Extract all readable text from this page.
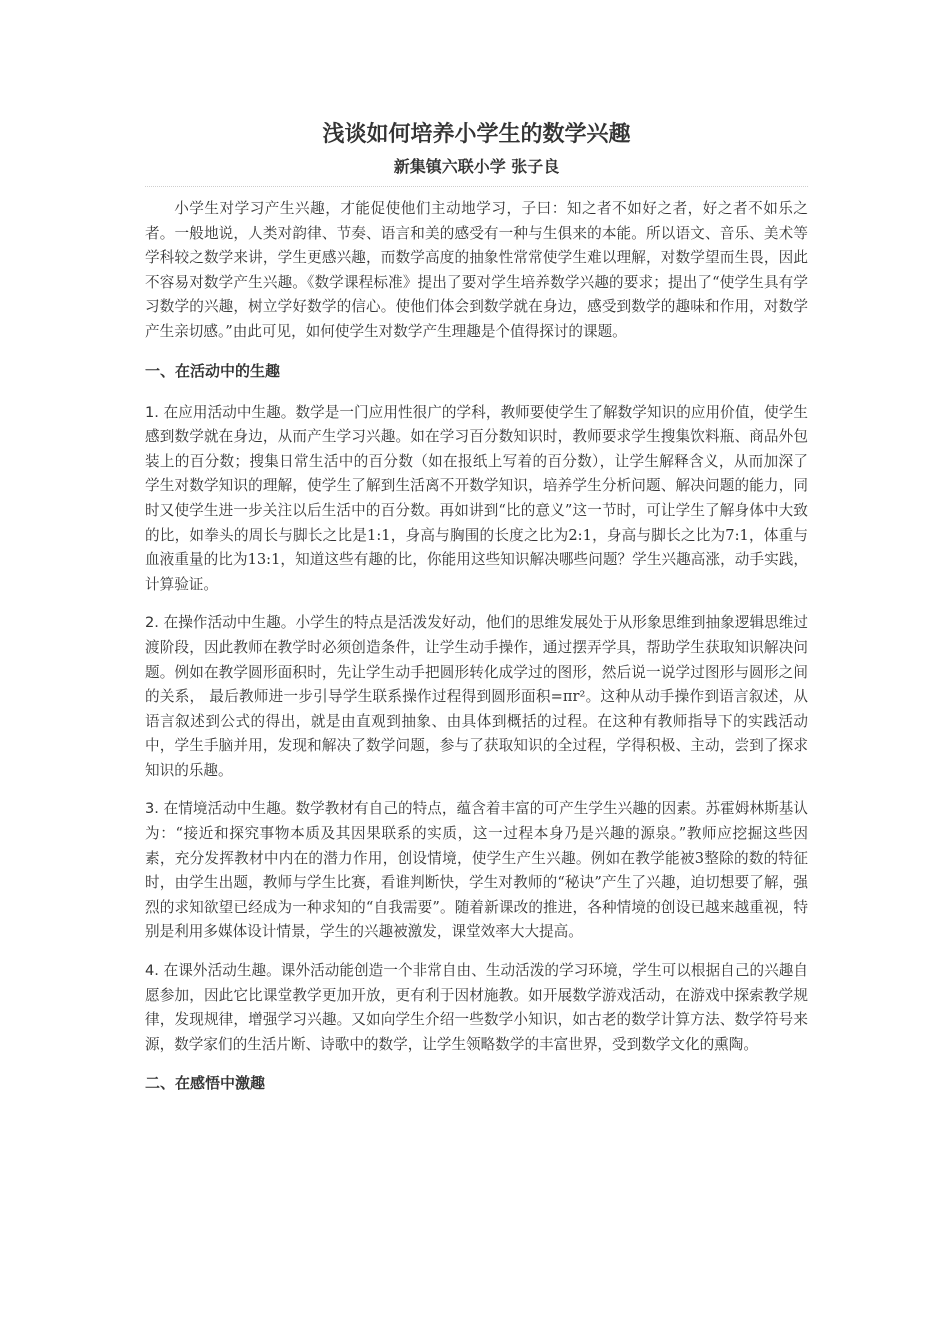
浅谈如何培养小学生的数学兴趣
新集镇六联小学 张子良

小学生对学习产生兴趣，才能促使他们主动地学习，子曰：知之者不如好之者，好之者不如乐之者。一般地说，人类对韵律、节奏、语言和美的感受有一种与生俱来的本能。所以语文、音乐、美术等学科较之数学来讲，学生更感兴趣，而数学高度的抽象性常常使学生难以理解，对数学望而生畏，因此不容易对数学产生兴趣。《数学课程标准》提出了要对学生培养数学兴趣的要求；提出了“使学生具有学习数学的兴趣，树立学好数学的信心。使他们体会到数学就在身边，感受到数学的趣味和作用，对数学产生亲切感。”由此可见，如何使学生对数学产生理趣是个值得探讨的课题。

一、在活动中的生趣

1. 在应用活动中生趣。数学是一门应用性很广的学科，教师要使学生了解数学知识的应用价值，使学生感到数学就在身边，从而产生学习兴趣。如在学习百分数知识时，教师要求学生搜集饮料瓶、商品外包装上的百分数；搜集日常生活中的百分数（如在报纸上写着的百分数），让学生解释含义，从而加深了学生对数学知识的理解，使学生了解到生活离不开数学知识，培养学生分析问题、解决问题的能力，同时又使学生进一步关注以后生活中的百分数。再如讲到“比的意义”这一节时，可让学生了解身体中大致的比，如拳头的周长与脚长之比是1:1，身高与胸围的长度之比为2:1，身高与脚长之比为7:1，体重与血液重量的比为13:1，知道这些有趣的比，你能用这些知识解决哪些问题？学生兴趣高涨，动手实践，计算验证。

2. 在操作活动中生趣。小学生的特点是活泼发好动，他们的思维发展处于从形象思维到抽象逻辑思维过渡阶段，因此教师在教学时必须创造条件，让学生动手操作，通过摆弄学具，帮助学生获取知识解决问题。例如在教学圆形面积时，先让学生动手把圆形转化成学过的图形，然后说一说学过图形与圆形之间的关系， 最后教师进一步引导学生联系操作过程得到圆形面积=πr²。这种从动手操作到语言叙述，从语言叙述到公式的得出，就是由直观到抽象、由具体到概括的过程。在这种有教师指导下的实践活动中，学生手脑并用，发现和解决了数学问题，参与了获取知识的全过程，学得积极、主动，尝到了探求知识的乐趣。

3. 在情境活动中生趣。数学教材有自己的特点，蕴含着丰富的可产生学生兴趣的因素。苏霍姆林斯基认为：“接近和探究事物本质及其因果联系的实质，这一过程本身乃是兴趣的源泉。”教师应挖掘这些因素，充分发挥教材中内在的潜力作用，创设情境，使学生产生兴趣。例如在教学能被3整除的数的特征时，由学生出题，教师与学生比赛，看谁判断快，学生对教师的“秘诀”产生了兴趣，迫切想要了解，强烈的求知欲望已经成为一种求知的“自我需要”。随着新课改的推进，各种情境的创设已越来越重视，特别是利用多媒体设计情景，学生的兴趣被激发，课堂效率大大提高。

4. 在课外活动生趣。课外活动能创造一个非常自由、生动活泼的学习环境，学生可以根据自己的兴趣自愿参加，因此它比课堂教学更加开放，更有利于因材施教。如开展数学游戏活动，在游戏中探索教学规律，发现规律，增强学习兴趣。又如向学生介绍一些数学小知识，如古老的数学计算方法、数学符号来源，数学家们的生活片断、诗歌中的数学，让学生领略数学的丰富世界，受到数学文化的熏陶。

二、在感悟中激趣
